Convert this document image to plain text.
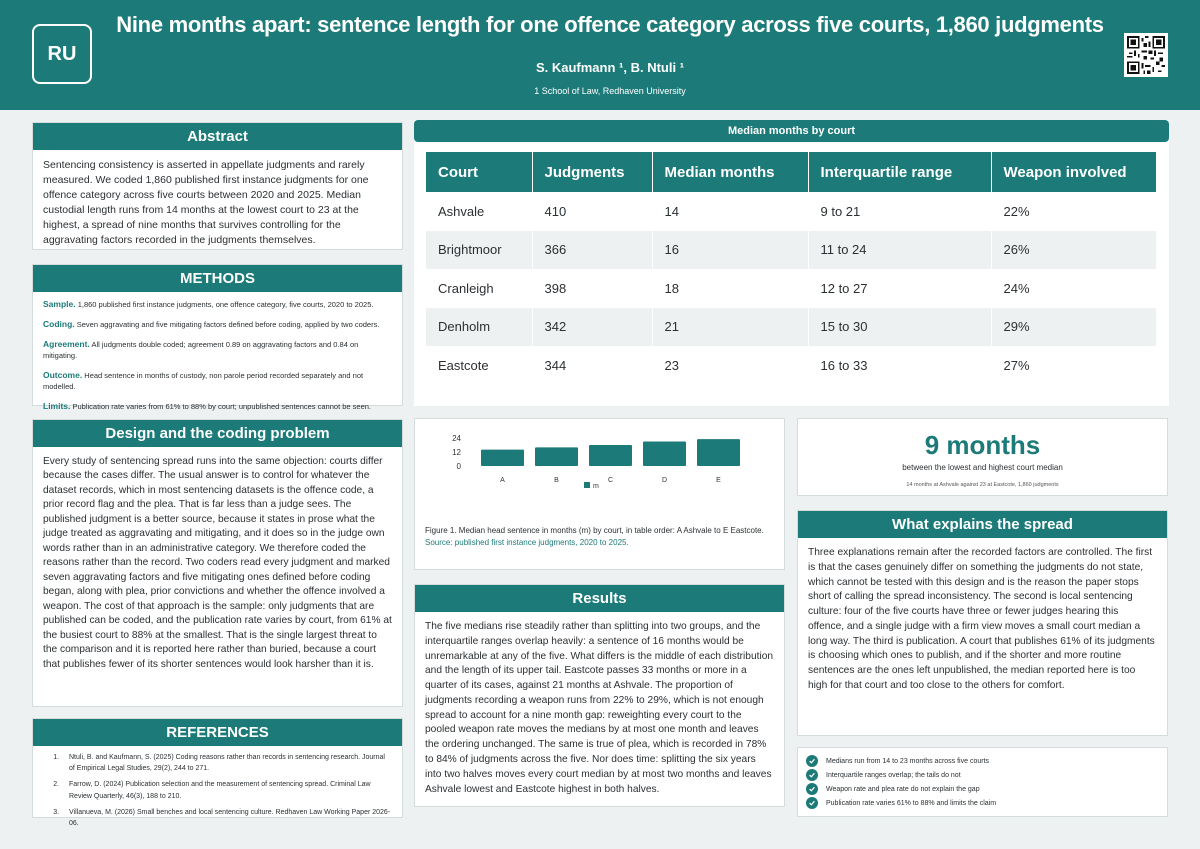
RU
Nine months apart: sentence length for one offence category across five courts, 1,860 judgments
S. Kaufmann ¹, B. Ntuli ¹
1 School of Law, Redhaven University
Abstract
Sentencing consistency is asserted in appellate judgments and rarely measured. We coded 1,860 published first instance judgments for one offence category across five courts between 2020 and 2025. Median custodial length runs from 14 months at the lowest court to 23 at the highest, a spread of nine months that survives controlling for the aggravating factors recorded in the judgments themselves.
METHODS

Sample. 1,860 published first instance judgments, one offence category, five courts, 2020 to 2025.

Coding. Seven aggravating and five mitigating factors defined before coding, applied by two coders.

Agreement. All judgments double coded; agreement 0.89 on aggravating factors and 0.84 on mitigating.

Outcome. Head sentence in months of custody, non parole period recorded separately and not modelled.

Limits. Publication rate varies from 61% to 88% by court; unpublished sentences cannot be seen.

Design and the coding problem
Every study of sentencing spread runs into the same objection: courts differ because the cases differ. The usual answer is to control for whatever the dataset records, which in most sentencing datasets is the offence code, a prior record flag and the plea. That is far less than a judge sees. The published judgment is a better source, because it states in prose what the judge treated as aggravating and mitigating, and it does so in the judge own words rather than in an administrative category. We therefore coded the reasons rather than the record. Two coders read every judgment and marked seven aggravating factors and five mitigating ones defined before coding began, along with plea, prior convictions and whether the offence involved a weapon. The cost of that approach is the sample: only judgments that are published can be coded, and the publication rate varies by court, from 61% at the busiest court to 88% at the smallest. That is the single largest threat to the comparison and it is reported here rather than buried, because a court that publishes fewer of its shorter sentences would look harsher than it is.
REFERENCES
1. Ntuli, B. and Kaufmann, S. (2025) Coding reasons rather than records in sentencing research. Journal of Empirical Legal Studies, 29(2), 244 to 271.
2. Farrow, D. (2024) Publication selection and the measurement of sentencing spread. Criminal Law Review Quarterly, 46(3), 188 to 210.
3. Villanueva, M. (2026) Small benches and local sentencing culture. Redhaven Law Working Paper 2026-06.
Median months by court
Court	Judgments	Median months	Interquartile range	Weapon involved
Ashvale	410	14	9 to 21	22%
Brightmoor	366	16	11 to 24	26%
Cranleigh	398	18	12 to 27	24%
Denholm	342	21	15 to 30	29%
Eastcote	344	23	16 to 33	27%
0
12
24
A	B	C	D	E
m
Figure 1. Median head sentence in months (m) by court, in table order: A Ashvale to E Eastcote.
Source: published first instance judgments, 2020 to 2025.
Results
The five medians rise steadily rather than splitting into two groups, and the interquartile ranges overlap heavily: a sentence of 16 months would be unremarkable at any of the five. What differs is the middle of each distribution and the length of its upper tail. Eastcote passes 33 months or more in a quarter of its cases, against 21 months at Ashvale. The proportion of judgments recording a weapon runs from 22% to 29%, which is not enough spread to account for a nine month gap: reweighting every court to the pooled weapon rate moves the medians by at most one month and leaves the ordering unchanged. The same is true of plea, which is recorded in 78% to 84% of judgments across the five. Nor does time: splitting the six years into two halves moves every court median by at most two months and leaves Ashvale lowest and Eastcote highest in both halves.
9 months
between the lowest and highest court median
14 months at Ashvale against 23 at Eastcote, 1,860 judgments
What explains the spread
Three explanations remain after the recorded factors are controlled. The first is that the cases genuinely differ on something the judgments do not state, which cannot be tested with this design and is the reason the paper stops short of calling the spread inconsistency. The second is local sentencing culture: four of the five courts have three or fewer judges hearing this offence, and a single judge with a firm view moves a small court median a long way. The third is publication. A court that publishes 61% of its judgments is choosing which ones to publish, and if the shorter and more routine sentences are the ones left unpublished, the median reported here is too high for that court and too close to the others for comfort.
Medians run from 14 to 23 months across five courts
Interquartile ranges overlap; the tails do not
Weapon rate and plea rate do not explain the gap
Publication rate varies 61% to 88% and limits the claim
